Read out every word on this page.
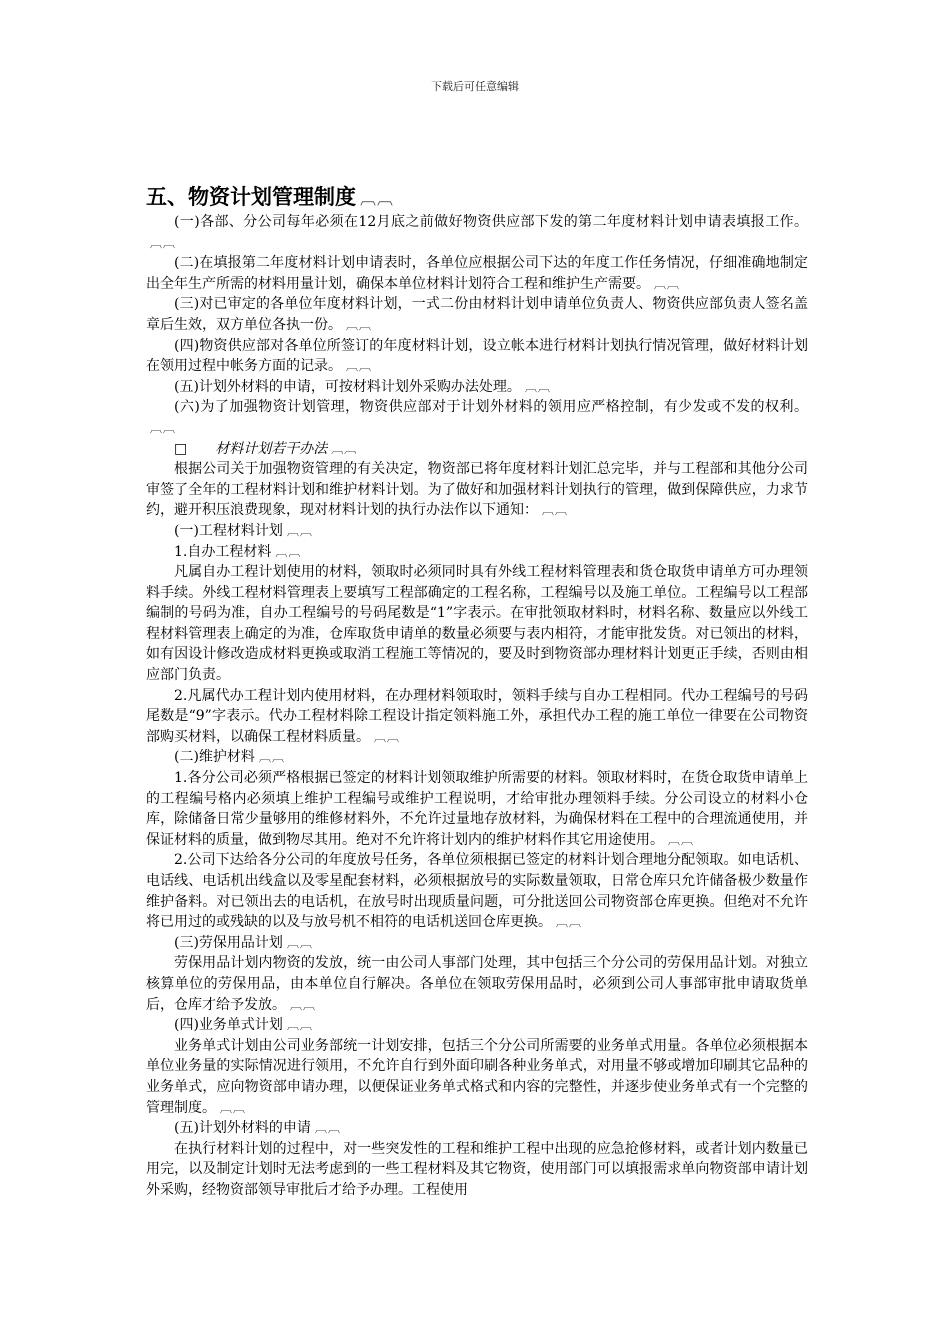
下载后可任意编辑
五、物资计划管理制度 ︹︹

(一)各部、分公司每年必须在12月底之前做好物资供应部下发的第二年度材料计划申请表填报工作。︹︹

(二)在填报第二年度材料计划申请表时，各单位应根据公司下达的年度工作任务情况，仔细准确地制定出全年生产所需的材料用量计划，确保本单位材料计划符合工程和维护生产需要。 ︹︹

(三)对已审定的各单位年度材料计划，一式二份由材料计划申请单位负责人、物资供应部负责人签名盖章后生效，双方单位各执一份。 ︹︹

(四)物资供应部对各单位所签订的年度材料计划，设立帐本进行材料计划执行情况管理，做好材料计划在领用过程中帐务方面的记录。 ︹︹

(五)计划外材料的申请，可按材料计划外采购办法处理。 ︹︹

(六)为了加强物资计划管理，物资供应部对于计划外材料的领用应严格控制，有少发或不发的权利。︹︹

□　　材料计划若干办法 ︹︹

根据公司关于加强物资管理的有关决定，物资部已将年度材料计划汇总完毕，并与工程部和其他分公司审签了全年的工程材料计划和维护材料计划。为了做好和加强材料计划执行的管理，做到保障供应，力求节约，避开积压浪费现象，现对材料计划的执行办法作以下通知： ︹︹

(一)工程材料计划 ︹︹

1.自办工程材料 ︹︹

凡属自办工程计划使用的材料，领取时必须同时具有外线工程材料管理表和货仓取货申请单方可办理领料手续。外线工程材料管理表上要填写工程部确定的工程名称，工程编号以及施工单位。工程编号以工程部编制的号码为准，自办工程编号的号码尾数是“1”字表示。在审批领取材料时，材料名称、数量应以外线工程材料管理表上确定的为准，仓库取货申请单的数量必须要与表内相符，才能审批发货。对已领出的材料，如有因设计修改造成材料更换或取消工程施工等情况的，要及时到物资部办理材料计划更正手续，否则由相应部门负责。

2.凡属代办工程计划内使用材料，在办理材料领取时，领料手续与自办工程相同。代办工程编号的号码尾数是“9”字表示。代办工程材料除工程设计指定领料施工外，承担代办工程的施工单位一律要在公司物资部购买材料，以确保工程材料质量。 ︹︹

(二)维护材料 ︹︹

1.各分公司必须严格根据已签定的材料计划领取维护所需要的材料。领取材料时，在货仓取货申请单上的工程编号格内必须填上维护工程编号或维护工程说明，才给审批办理领料手续。分公司设立的材料小仓库，除储备日常少量够用的维修材料外，不允许过量地存放材料，为确保材料在工程中的合理流通使用，并保证材料的质量，做到物尽其用。绝对不允许将计划内的维护材料作其它用途使用。 ︹︹

2.公司下达给各分公司的年度放号任务，各单位须根据已签定的材料计划合理地分配领取。如电话机、电话线、电话机出线盒以及零星配套材料，必须根据放号的实际数量领取，日常仓库只允许储备极少数量作维护备料。对已领出去的电话机，在放号时出现质量问题，可分批送回公司物资部仓库更换。但绝对不允许将已用过的或残缺的以及与放号机不相符的电话机送回仓库更换。 ︹︹

(三)劳保用品计划 ︹︹

劳保用品计划内物资的发放，统一由公司人事部门处理，其中包括三个分公司的劳保用品计划。对独立核算单位的劳保用品，由本单位自行解决。各单位在领取劳保用品时，必须到公司人事部审批申请取货单后，仓库才给予发放。 ︹︹

(四)业务单式计划 ︹︹

业务单式计划由公司业务部统一计划安排，包括三个分公司所需要的业务单式用量。各单位必须根据本单位业务量的实际情况进行领用，不允许自行到外面印刷各种业务单式，对用量不够或增加印刷其它品种的业务单式，应向物资部申请办理，以便保证业务单式格式和内容的完整性，并逐步使业务单式有一个完整的管理制度。 ︹︹

(五)计划外材料的申请 ︹︹

在执行材料计划的过程中，对一些突发性的工程和维护工程中出现的应急抢修材料，或者计划内数量已用完，以及制定计划时无法考虑到的一些工程材料及其它物资，使用部门可以填报需求单向物资部申请计划外采购，经物资部领导审批后才给予办理。工程使用
